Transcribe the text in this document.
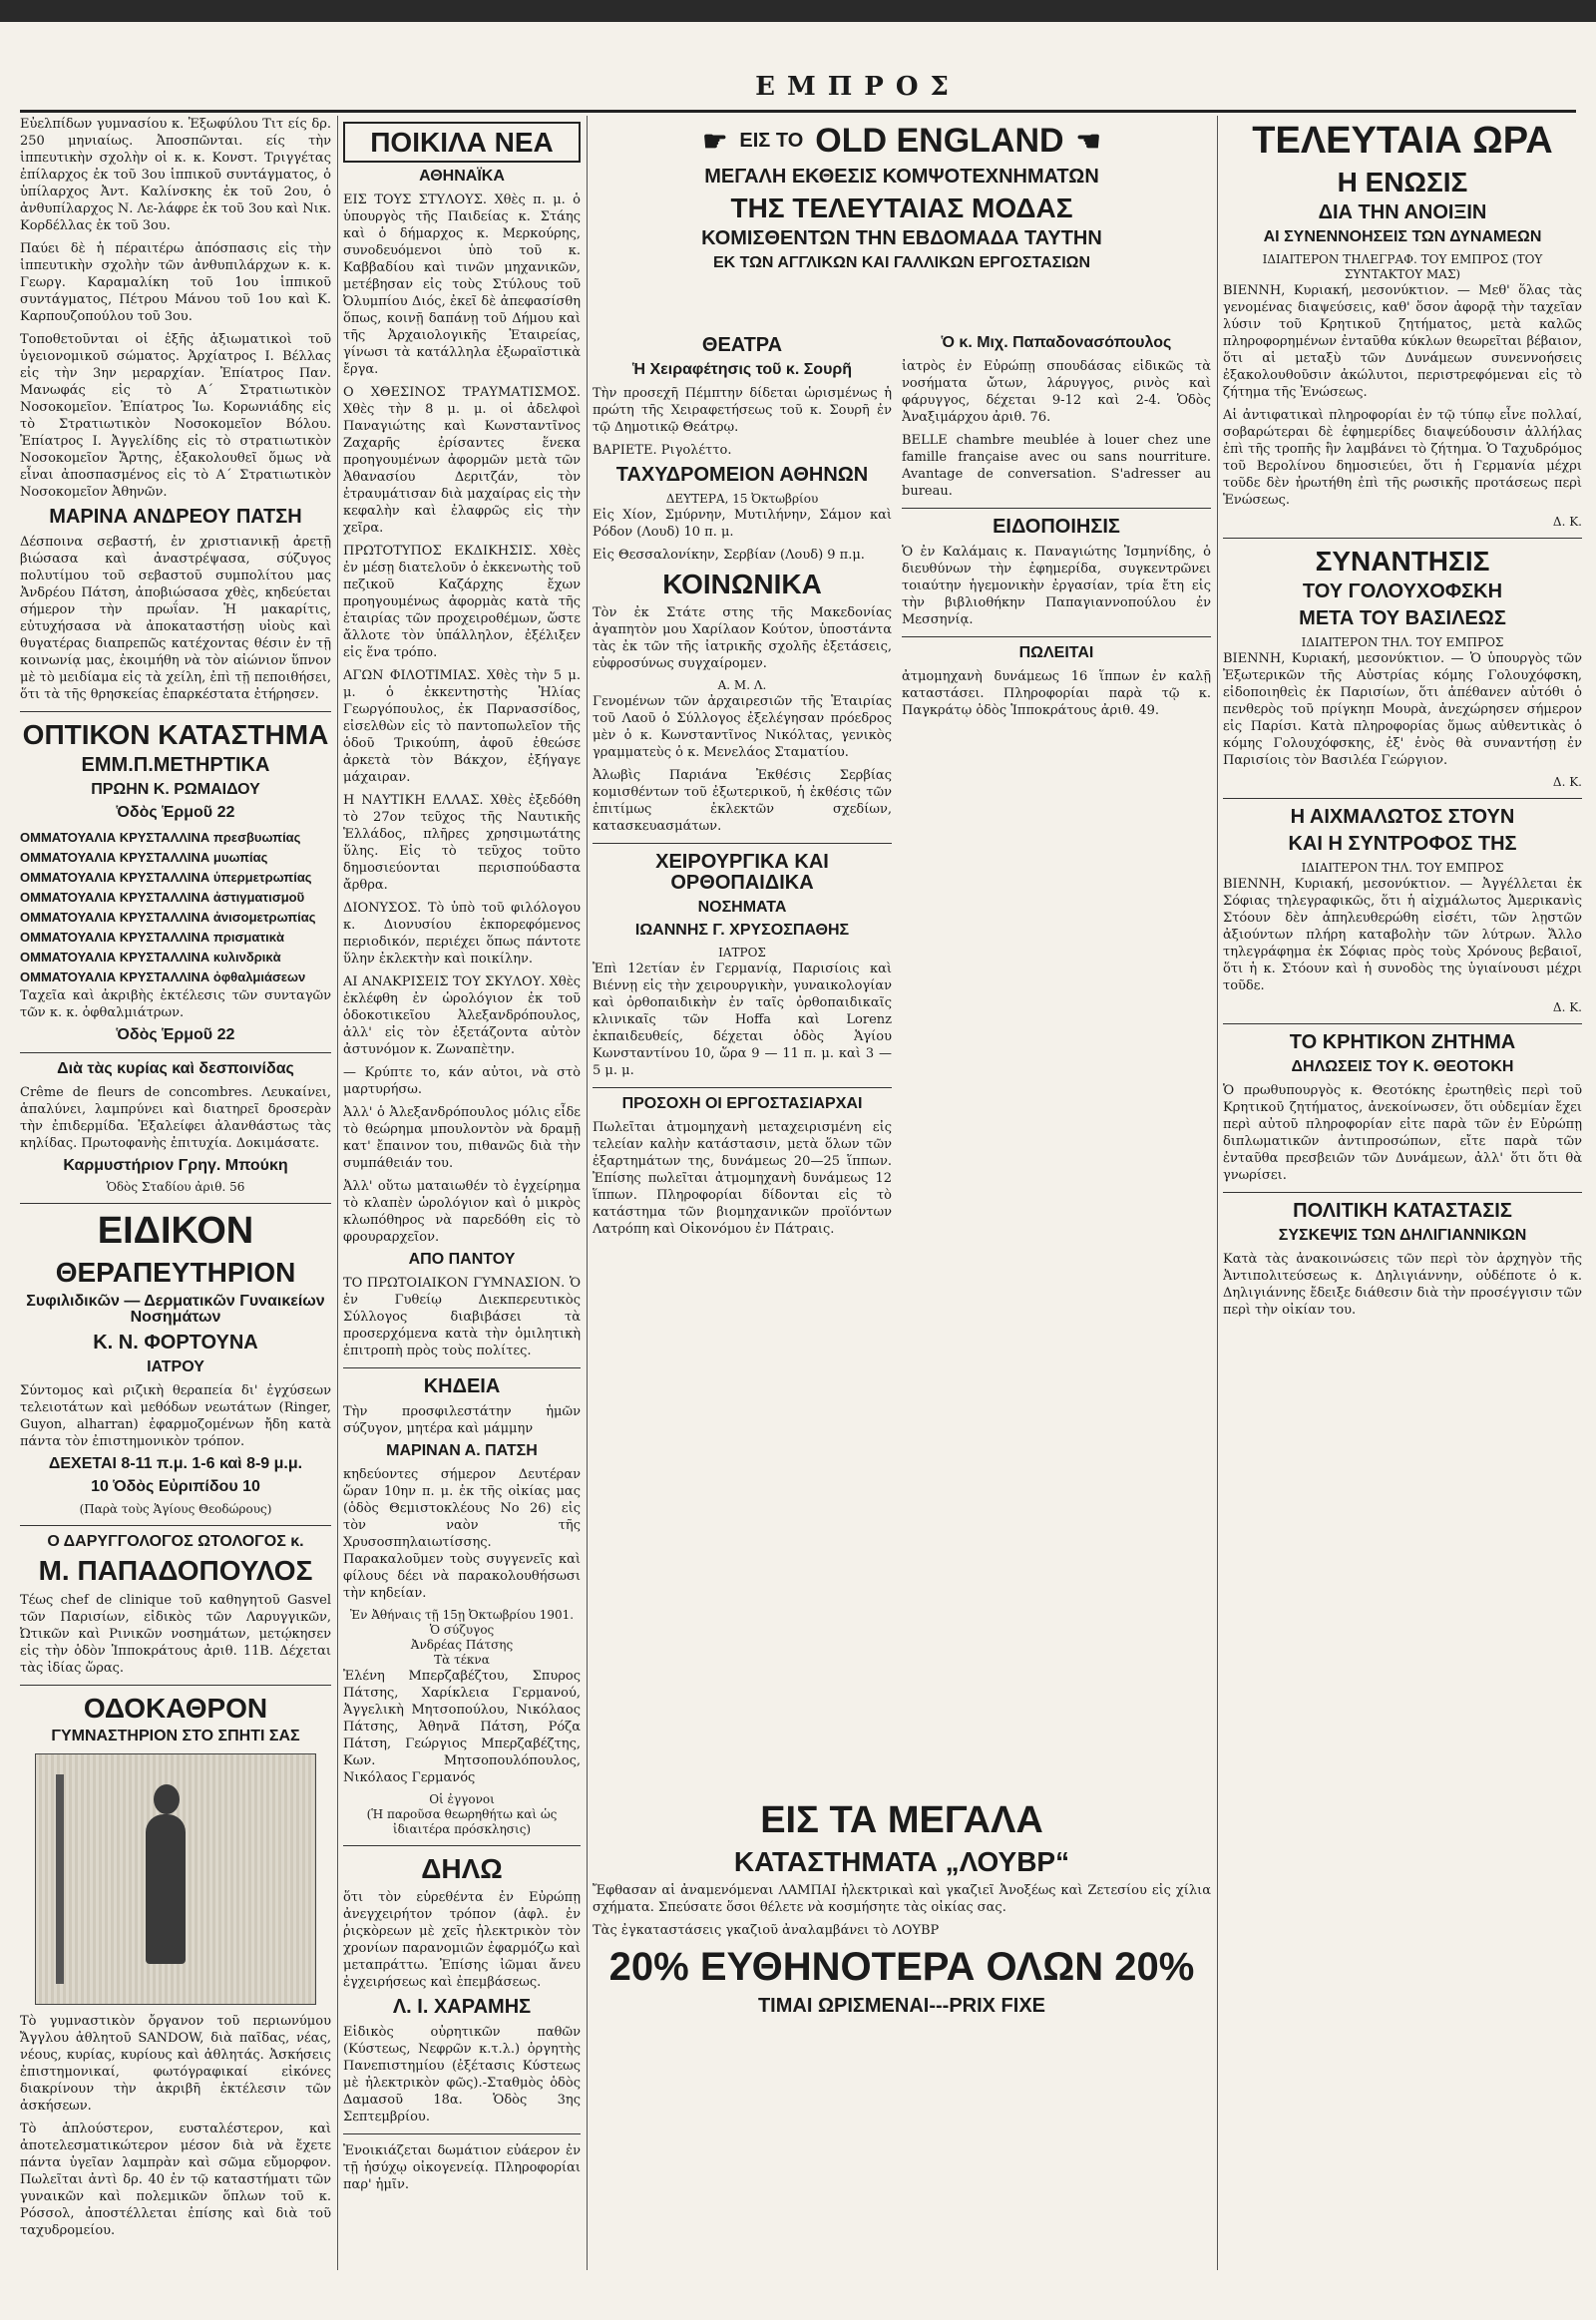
ΕΜΠΡΟΣ

Εὐελπίδων γυμνασίου κ. Ἐξωφύλου Τιτ είς δρ. 250 μηνιαίως. Ἀποσπῶνται. είς τὴν ἱππευτικὴν σχολὴν οἱ κ. κ. Κονστ. Τριγγέτας ἐπίλαρχος ἐκ τοῦ 3ου ἱππικοῦ συντάγματος, ὁ ὑπίλαρχος Ἀντ. Καλίνσκης ἐκ τοῦ 2ου, ὁ ἀνθυπίλαρχος Ν. Λε-λάφρε ἐκ τοῦ 3ου καὶ Νικ. Κορδέλλας ἐκ τοῦ 3ου.

Παύει δὲ ἡ πέραιτέρω ἀπόσπασις εἰς τὴν ἱππευτικὴν σχολὴν τῶν ἀνθυπιλάρχων κ. κ. Γεωργ. Καραμαλίκη τοῦ 1ου ἱππικοῦ συντάγματος, Πέτρου Μάνου τοῦ 1ου καὶ Κ. Καρπουζοπούλου τοῦ 3ου.

Τοποθετοῦνται οἱ ἑξῆς ἀξιωματικοὶ τοῦ ὑγειονομικοῦ σώματος. Ἀρχίατρος Ι. Βέλλας εἰς τὴν 3ην μεραρχίαν. Ἐπίατρος Παν. Μανωφάς εἰς τὸ Α΄ Στρατιωτικὸν Νοσοκομεῖον. Ἐπίατρος Ἰω. Κορωνιάδης εἰς τὸ Στρατιωτικὸν Νοσοκομεῖον Βόλου. Ἐπίατρος Ι. Ἀγγελίδης εἰς τὸ στρατιωτικὸν Νοσοκομεῖον Ἄρτης, ἐξακολουθεῖ ὅμως νὰ εἶναι ἀποσπασμένος εἰς τὸ Α΄ Στρατιωτικὸν Νοσοκομεῖον Ἀθηνῶν.

ΜΑΡΙΝΑ ΑΝΔΡΕΟΥ ΠΑΤΣΗ

Δέσποινα σεβαστή, ἐν χριστιανικῇ ἀρετῇ βιώσασα καὶ ἀναστρέψασα, σύζυγος πολυτίμου τοῦ σεβαστοῦ συμπολίτου μας Ἀνδρέου Πάτση, ἀποβιώσασα χθὲς, κηδεύεται σήμερον τὴν πρωΐαν. Ἡ μακαρίτις, εὐτυχήσασα νὰ ἀποκαταστήσῃ υἱοὺς καὶ θυγατέρας διαπρεπῶς κατέχοντας θέσιν ἐν τῇ κοινωνίᾳ μας, ἐκοιμήθη νὰ τὸν αἰώνιον ὕπνον μὲ τὸ μειδίαμα εἰς τὰ χείλη, ἐπὶ τῇ πεποιθήσει, ὅτι τὰ τῆς θρησκείας ἐπαρκέστατα ἐτήρησεν.

ΟΠΤΙΚΟΝ ΚΑΤΑΣΤΗΜΑ
ΕΜΜ.Π.ΜΕΤΗΡΤΙΚΑ
ΠΡΩΗΝ Κ. ΡΩΜΑΙΔΟΥ
Ὁδὸς Ἑρμοῦ 22
ΟΜΜΑΤΟΥΑΛΙΑ ΚΡΥΣΤΑΛΛΙΝΑ πρεσβυωπίας
ΟΜΜΑΤΟΥΑΛΙΑ ΚΡΥΣΤΑΛΛΙΝΑ μυωπίας
ΟΜΜΑΤΟΥΑΛΙΑ ΚΡΥΣΤΑΛΛΙΝΑ ὑπερμετρωπίας
ΟΜΜΑΤΟΥΑΛΙΑ ΚΡΥΣΤΑΛΛΙΝΑ ἀστιγματισμοῦ
ΟΜΜΑΤΟΥΑΛΙΑ ΚΡΥΣΤΑΛΛΙΝΑ ἀνισομετρωπίας
ΟΜΜΑΤΟΥΑΛΙΑ ΚΡΥΣΤΑΛΛΙΝΑ πρισματικὰ
ΟΜΜΑΤΟΥΑΛΙΑ ΚΡΥΣΤΑΛΛΙΝΑ κυλινδρικὰ
ΟΜΜΑΤΟΥΑΛΙΑ ΚΡΥΣΤΑΛΛΙΝΑ ὀφθαλμιάσεων

Ταχεῖα καὶ ἀκριβὴς ἐκτέλεσις τῶν συνταγῶν τῶν κ. κ. ὀφθαλμιάτρων.

Ὁδὸς Ἑρμοῦ 22
Διὰ τὰς κυρίας καὶ δεσποινίδας

Crême de fleurs de concombres. Λευκαίνει, ἁπαλύνει, λαμπρύνει καὶ διατηρεῖ δροσερὰν τὴν ἐπιδερμίδα. Ἐξαλείφει ἀλανθάστως τὰς κηλίδας. Πρωτοφανὴς ἐπιτυχία. Δοκιμάσατε.

Καρμυστήριον Γρηγ. Μπούκη
Ὁδὸς Σταδίου ἀριθ. 56
ΕΙΔΙΚΟΝ
ΘΕΡΑΠΕΥΤΗΡΙΟΝ
Συφιλιδικῶν — Δερματικῶν Γυναικείων Νοσημάτων
Κ. Ν. ΦΟΡΤΟΥΝΑ
ΙΑΤΡΟΥ

Σύντομος καὶ ριζικὴ θεραπεία δι' ἐγχύσεων τελειοτάτων καὶ μεθόδων νεωτάτων (Ringer, Guyon, alharran) ἐφαρμοζομένων ἤδη κατὰ πάντα τὸν ἐπιστημονικὸν τρόπον.

ΔΕΧΕΤΑΙ 8-11 π.μ. 1-6 καὶ 8-9 μ.μ.
10 Ὁδὸς Εὐριπίδου 10
(Παρὰ τοὺς Ἁγίους Θεοδώρους)
Ο ΔΑΡΥΓΓΟΛΟΓΟΣ ΩΤΟΛΟΓΟΣ κ.
Μ. ΠΑΠΑΔΟΠΟΥΛΟΣ

Τέως chef de clinique τοῦ καθηγητοῦ Gasvel τῶν Παρισίων, εἰδικὸς τῶν Λαρυγγικῶν, Ὠτικῶν καὶ Ρινικῶν νοσημάτων, μετῴκησεν εἰς τὴν ὁδὸν Ἱπποκράτους ἀριθ. 11Β. Δέχεται τὰς ἰδίας ὥρας.

ΟΔΟΚΑΘΡΟΝ
ΓΥΜΝΑΣΤΗΡΙΟΝ ΣΤΟ ΣΠΗΤΙ ΣΑΣ

Τὸ γυμναστικὸν ὄργανον τοῦ περιωνύμου Ἄγγλου ἀθλητοῦ SANDOW, διὰ παῖδας, νέας, νέους, κυρίας, κυρίους καὶ ἀθλητάς. Ἀσκήσεις ἐπιστημονικαί, φωτόγραφικαί εἰκόνες διακρίνουν τὴν ἀκριβῆ ἐκτέλεσιν τῶν ἀσκήσεων.

Τὸ ἁπλούστερον, ευσταλέστερον, καὶ ἀποτελεσματικώτερον μέσον διὰ νὰ ἔχετε πάντα ὑγεῖαν λαμπρὰν καὶ σῶμα εὔμορφον. Πωλεῖται ἀντὶ δρ. 40 ἐν τῷ καταστήματι τῶν γυναικῶν καὶ πολεμικῶν ὅπλων τοῦ κ. Ρόσσολ, ἀποστέλλεται ἐπίσης καὶ διὰ τοῦ ταχυδρομείου.

ΠΟΙΚΙΛΑ ΝΕΑ
ΑΘΗΝΑΪΚΑ

ΕΙΣ ΤΟΥΣ ΣΤΥΛΟΥΣ. Χθὲς π. μ. ὁ ὑπουργὸς τῆς Παιδείας κ. Στάης καὶ ὁ δήμαρχος κ. Μερκούρης, συνοδευόμενοι ὑπὸ τοῦ κ. Καββαδίου καὶ τινῶν μηχανικῶν, μετέβησαν εἰς τοὺς Στύλους τοῦ Ὀλυμπίου Διός, ἐκεῖ δὲ ἀπεφασίσθη ὅπως, κοινῇ δαπάνῃ τοῦ Δήμου καὶ τῆς Ἀρχαιολογικῆς Ἑταιρείας, γίνωσι τὰ κατάλληλα ἐξωραϊστικὰ ἔργα.

Ο ΧΘΕΣΙΝΟΣ ΤΡΑΥΜΑΤΙΣΜΟΣ. Χθὲς τὴν 8 μ. μ. οἱ ἀδελφοὶ Παναγιώτης καὶ Κωνσταντῖνος Ζαχαρῆς ἐρίσαντες ἕνεκα προηγουμένων ἀφορμῶν μετὰ τῶν Ἀθανασίου Δεριτζάν, τὸν ἐτραυμάτισαν διὰ μαχαίρας εἰς τὴν κεφαλὴν καὶ ἐλαφρῶς εἰς τὴν χεῖρα.

ΠΡΩΤΟΤΥΠΟΣ ΕΚΔΙΚΗΣΙΣ. Χθὲς ἐν μέσῃ διατελοῦν ὁ ἐκκενωτὴς τοῦ πεζικοῦ Καζάρχης ἔχων προηγουμένως ἀφορμὰς κατὰ τῆς ἑταιρίας τῶν προχειροθέμων, ὥστε ἄλλοτε τὸν ὑπάλληλον, ἐξέλιξεν εἰς ἕνα τρόπο.

ΑΓΩΝ ΦΙΛΟΤΙΜΙΑΣ. Χθὲς τὴν 5 μ. μ. ὁ ἐκκεντηστὴς Ἠλίας Γεωργόπουλος, ἐκ Παρνασσίδος, εἰσελθὼν εἰς τὸ παντοπωλεῖον τῆς ὁδοῦ Τρικούπη, ἀφοῦ ἐθεώσε ἀρκετὰ τὸν Βάκχον, ἐξήγαγε μάχαιραν.

Η ΝΑΥΤΙΚΗ ΕΛΛΑΣ. Χθὲς ἐξεδόθη τὸ 27ον τεῦχος τῆς Ναυτικῆς Ἑλλάδος, πλῆρες χρησιμωτάτης ὕλης. Εἰς τὸ τεῦχος τοῦτο δημοσιεύονται περισπούδαστα ἄρθρα.

ΔΙΟΝΥΣΟΣ. Τὸ ὑπὸ τοῦ φιλόλογου κ. Διονυσίου ἐκπορεφόμενος περιοδικόν, περιέχει ὅπως πάντοτε ὕλην ἐκλεκτὴν καὶ ποικίλην.

ΑΙ ΑΝΑΚΡΙΣΕΙΣ ΤΟΥ ΣΚΥΛΟΥ. Χθὲς ἐκλέφθη ἐν ὡρολόγιον ἐκ τοῦ ὁδοκοτικεῖου Ἀλεξανδρόπουλος, ἀλλ' εἰς τὸν ἐξετάζοντα αὐτὸν ἀστυνόμον κ. Ζωναπὲτην.

— Κρύπτε το, κάν αὐτοι, νὰ στὸ μαρτυρήσω.

Ἀλλ' ὁ Ἀλεξανδρόπουλος μόλις εἶδε τὸ θεώρημα μπουλοντὸν νὰ δραμῇ κατ' ἔπαινον του, πιθανῶς διὰ τὴν συμπάθειάν του.

Ἀλλ' οὔτω ματαιωθέν τὸ ἐγχείρημα τὸ κλαπὲν ὡρολόγιον καὶ ὁ μικρὸς κλωπόθηρος νὰ παρεδόθη εἰς τὸ φρουραρχεῖον.

ΑΠΟ ΠΑΝΤΟΥ

ΤΟ ΠΡΩΤΟΙΑΙΚΟΝ ΓΥΜΝΑΣΙΟΝ. Ὁ ἐν Γυθείῳ Διεκπερευτικὸς Σύλλογος διαβιβάσει τὰ προσερχόμενα κατὰ τὴν ὁμιλητικὴ ἐπιτροπὴ πρὸς τοὺς πολίτες.

ΚΗΔΕΙΑ

Τὴν προσφιλεστάτην ἡμῶν σύζυγον, μητέρα καὶ μάμμην

ΜΑΡΙΝΑΝ Α. ΠΑΤΣΗ

κηδεύοντες σήμερον Δευτέραν ὥραν 10ην π. μ. ἐκ τῆς οἰκίας μας (ὁδὸς Θεμιστοκλέους No 26) εἰς τὸν ναὸν τῆς Χρυσοσπηλαιωτίσσης. Παρακαλοῦμεν τοὺς συγγενεῖς καὶ φίλους δέει νὰ παρακολουθήσωσι τὴν κηδείαν.

Ἐν Ἀθήναις τῇ 15ῃ Ὀκτωβρίου 1901.
Ὁ σύζυγος
Ἀνδρέας Πάτσης
Τὰ τέκνα

Ἐλένη Μπερζαβέζτου, Σπυρος Πάτσης, Χαρίκλεια Γερμανού, Ἀγγελικὴ Μητσοπούλου, Νικόλαος Πάτσης, Ἀθηνᾶ Πάτση, Ρόζα Πάτση, Γεώργιος Μπερζαβέζτης, Κων. Μητσοπουλόπουλος, Νικόλαος Γερμανός

Οἱ ἐγγονοι
(Ἡ παροῦσα θεωρηθήτω καὶ ὡς ἰδιαιτέρα πρόσκλησις)
ΔΗΛΩ

ὅτι τὸν εὑρεθέντα ἐν Εὐρώπῃ ἀνεγχειρήτον τρόπον (ἀφλ. ἐν ῥιςκὸρεων μὲ χεῖς ἠλεκτρικὸν τὸν χρονίων παρανομιῶν ἐφαρμόζω καὶ μεταπράττω. Ἐπίσης ἰῶμαι ἄνευ ἐγχειρήσεως καὶ ἐπεμβάσεως.

Λ. Ι. ΧΑΡΑΜΗΣ

Εἰδικὸς οὐρητικῶν παθῶν (Κύστεως, Νεφρῶν κ.τ.λ.) ὀργητὴς Πανεπιστημίου (ἐξέτασις Κύστεως μὲ ἠλεκτρικὸν φῶς).-Σταθμὸς ὁδὸς Δαμασοῦ 18α. Ὁδὸς 3ης Σεπτεμβρίου.

Ἐνοικιάζεται δωμάτιον εὐάερον ἐν τῇ ἡσύχῳ οἰκογενείᾳ. Πληροφορίαι παρ' ἡμῖν.

☛ ΕΙΣ ΤΟ OLD ENGLAND ☚
ΜΕΓΑΛΗ ΕΚΘΕΣΙΣ ΚΟΜΨΟΤΕΧΝΗΜΑΤΩΝ
ΤΗΣ ΤΕΛΕΥΤΑΙΑΣ ΜΟΔΑΣ
ΚΟΜΙΣΘΕΝΤΩΝ ΤΗΝ ΕΒΔΟΜΑΔΑ ΤΑΥΤΗΝ
ΕΚ ΤΩΝ ΑΓΓΛΙΚΩΝ ΚΑΙ ΓΑΛΛΙΚΩΝ ΕΡΓΟΣΤΑΣΙΩΝ
ΘΕΑΤΡΑ
Ἡ Χειραφέτησις τοῦ κ. Σουρῆ

Τὴν προσεχῆ Πέμπτην δίδεται ὡρισμένως ἡ πρώτη τῆς Χειραφετήσεως τοῦ κ. Σουρῆ ἐν τῷ Δημοτικῷ Θεάτρῳ.

ΒΑΡΙΕΤΕ. Ριγολέττο.

ΤΑΧΥΔΡΟΜΕΙΟΝ ΑΘΗΝΩΝ
ΔΕΥΤΕΡΑ, 15 Ὀκτωβρίου

Εἰς Χίον, Σμύρνην, Μυτιλήνην, Σάμον καὶ Ρόδον (Λουδ) 10 π. μ.

Εἰς Θεσσαλονίκην, Σερβίαν (Λουδ) 9 π.μ.

ΚΟΙΝΩΝΙΚΑ

Τὸν ἐκ Στάτε στης τῆς Μακεδονίας ἀγαπητὸν μου Χαρίλαον Κούτον, ὑποστάντα τὰς ἐκ τῶν τῆς ἰατρικῆς σχολῆς ἐξετάσεις, εὐφροσύνως συγχαίρομεν.

Α. Μ. Λ.

Γενομένων τῶν ἀρχαιρεσιῶν τῆς Ἑταιρίας τοῦ Λαοῦ ὁ Σύλλογος ἐξελέγησαν πρόεδρος μὲν ὁ κ. Κωνσταντῖνος Νικόλτας, γενικὸς γραμματεὺς ὁ κ. Μενελάος Σταματίου.

Ἀλωβὶς Παριάνα Ἐκθέσις Σερβίας κομισθέντων τοῦ ἐξωτερικοῦ, ἡ ἐκθέσις τῶν ἐπιτίμως ἐκλεκτῶν σχεδίων, κατασκευασμάτων.

ΧΕΙΡΟΥΡΓΙΚΑ ΚΑΙ ΟΡΘΟΠΑΙΔΙΚΑ
ΝΟΣΗΜΑΤΑ
ΙΩΑΝΝΗΣ Γ. ΧΡΥΣΟΣΠΑΘΗΣ
ΙΑΤΡΟΣ

Ἐπὶ 12ετίαν ἐν Γερμανίᾳ, Παρισίοις καὶ Βιέννῃ εἰς τὴν χειρουργικὴν, γυναικολογίαν καὶ ὀρθοπαιδικὴν ἐν ταῖς ὀρθοπαιδικαῖς κλινικαῖς τῶν Hoffa καὶ Lorenz ἐκπαιδευθείς, δέχεται ὁδὸς Ἁγίου Κωνσταντίνου 10, ὥρα 9 — 11 π. μ. καὶ 3 — 5 μ. μ.

ΠΡΟΣΟΧΗ ΟΙ ΕΡΓΟΣΤΑΣΙΑΡΧΑΙ

Πωλεῖται ἀτμομηχανὴ μεταχειρισμένη εἰς τελείαν καλὴν κατάστασιν, μετὰ ὅλων τῶν ἐξαρτημάτων της, δυνάμεως 20—25 ἵππων. Ἐπίσης πωλεῖται ἀτμομηχανὴ δυνάμεως 12 ἵππων. Πληροφορίαι δίδονται εἰς τὸ κατάστημα τῶν βιομηχανικῶν προϊόντων Λατρόπη καὶ Οἰκονόμου ἐν Πάτραις.

Ὁ κ. Μιχ. Παπαδονασόπουλος

ἰατρὸς ἐν Εὐρώπῃ σπουδάσας εἰδικῶς τὰ νοσήματα ὤτων, λάρυγγος, ρινὸς καὶ φάρυγγος, δέχεται 9-12 καὶ 2-4. Ὁδὸς Ἀναξιμάρχου ἀριθ. 76.

BELLE chambre meublée à louer chez une famille française avec ou sans nourriture. Avantage de conversation. S'adresser au bureau.

ΕΙΔΟΠΟΙΗΣΙΣ

Ὁ ἐν Καλάμαις κ. Παναγιώτης Ἰσμηνίδης, ὁ διευθύνων τὴν ἐφημερίδα, συγκεντρῶνει τοιαύτην ἡγεμονικὴν ἐργασίαν, τρία ἔτη εἰς τὴν βιβλιοθήκην Παπαγιαννοπούλου ἐν Μεσσηνίᾳ.

ΠΩΛΕΙΤΑΙ

ἀτμομηχανὴ δυνάμεως 16 ἵππων ἐν καλῇ καταστάσει. Πληροφορίαι παρὰ τῷ κ. Παγκράτῳ ὁδὸς Ἱπποκράτους ἀριθ. 49.

ΕΙΣ ΤΑ ΜΕΓΑΛΑ
ΚΑΤΑΣΤΗΜΑΤΑ „ΛΟΥΒΡ“

Ἔφθασαν αἱ ἀναμενόμεναι ΛΑΜΠΑΙ ἠλεκτρικαὶ καὶ γκαζιεῖ Ἀνοξέως καὶ Ζετεσίου εἰς χίλια σχήματα. Σπεύσατε ὅσοι θέλετε νὰ κοσμήσητε τὰς οἰκίας σας.

Τὰς ἐγκαταστάσεις γκαζιοῦ ἀναλαμβάνει τὸ ΛΟΥΒΡ

20% ΕΥΘΗΝΟΤΕΡΑ ΟΛΩΝ 20%
ΤΙΜΑΙ ΩΡΙΣΜΕΝΑΙ---PRIX FIXE
ΤΕΛΕΥΤΑΙΑ ΩΡΑ
Η ΕΝΩΣΙΣ
ΔΙΑ ΤΗΝ ΑΝΟΙΞΙΝ
ΑΙ ΣΥΝΕΝΝΟΗΣΕΙΣ ΤΩΝ ΔΥΝΑΜΕΩΝ
ΙΔΙΑΙΤΕΡΟΝ ΤΗΛΕΓΡΑΦ. ΤΟΥ ΕΜΠΡΟΣ (ΤΟΥ ΣΥΝΤΑΚΤΟΥ ΜΑΣ)

ΒΙΕΝΝΗ, Κυριακή, μεσονύκτιον. — Μεθ' ὅλας τὰς γενομένας διαψεύσεις, καθ' ὅσον ἀφορᾷ τὴν ταχεῖαν λύσιν τοῦ Κρητικοῦ ζητήματος, μετὰ καλῶς πληροφορημένων ἐνταῦθα κύκλων θεωρεῖται βέβαιον, ὅτι αἱ μεταξὺ τῶν Δυνάμεων συνεννοήσεις ἐξακολουθοῦσιν ἀκώλυτοι, περιστρεφόμεναι εἰς τὸ ζήτημα τῆς Ἑνώσεως.

Αἱ ἀντιφατικαὶ πληροφορίαι ἐν τῷ τύπῳ εἶνε πολλαί, σοβαρώτεραι δὲ ἐφημερίδες διαψεύδουσιν ἀλλήλας ἐπὶ τῆς τροπῆς ἣν λαμβάνει τὸ ζήτημα. Ὁ Ταχυδρόμος τοῦ Βερολίνου δημοσιεύει, ὅτι ἡ Γερμανία μέχρι τοῦδε δὲν ἠρωτήθη ἐπὶ τῆς ρωσικῆς προτάσεως περὶ Ἑνώσεως.

Δ. Κ.
ΣΥΝΑΝΤΗΣΙΣ
ΤΟΥ ΓΟΛΟΥΧΟΦΣΚΗ
ΜΕΤΑ ΤΟΥ ΒΑΣΙΛΕΩΣ
ΙΔΙΑΙΤΕΡΟΝ ΤΗΛ. ΤΟΥ ΕΜΠΡΟΣ

ΒΙΕΝΝΗ, Κυριακή, μεσονύκτιον. — Ὁ ὑπουργὸς τῶν Ἐξωτερικῶν τῆς Αὐστρίας κόμης Γολουχόφσκη, εἰδοποιηθεὶς ἐκ Παρισίων, ὅτι ἀπέθανεν αὐτόθι ὁ πενθερὸς τοῦ πρίγκηπ Μουρὰ, ἀνεχώρησεν σήμερον εἰς Παρίσι. Κατὰ πληροφορίας ὅμως αὐθεντικὰς ὁ κόμης Γολουχόφσκης, ἐξ' ἐνὸς θὰ συναντήσῃ ἐν Παρισίοις τὸν Βασιλέα Γεώργιον.

Δ. Κ.
Η ΑΙΧΜΑΛΩΤΟΣ ΣΤΟΥΝ
ΚΑΙ Η ΣΥΝΤΡΟΦΟΣ ΤΗΣ
ΙΔΙΑΙΤΕΡΟΝ ΤΗΛ. ΤΟΥ ΕΜΠΡΟΣ

ΒΙΕΝΝΗ, Κυριακή, μεσονύκτιον. — Ἀγγέλλεται ἐκ Σόφιας τηλεγραφικῶς, ὅτι ἡ αἰχμάλωτος Ἀμερικανὶς Στόουν δὲν ἀπηλευθερώθη εἰσέτι, τῶν λῃστῶν ἀξιούντων πλήρη καταβολὴν τῶν λύτρων. Ἄλλο τηλεγράφημα ἐκ Σόφιας πρὸς τοὺς Χρόνους βεβαιοῖ, ὅτι ἡ κ. Στόουν καὶ ἡ συνοδὸς της ὑγιαίνουσι μέχρι τοῦδε.

Δ. Κ.
ΤΟ ΚΡΗΤΙΚΟΝ ΖΗΤΗΜΑ
ΔΗΛΩΣΕΙΣ ΤΟΥ Κ. ΘΕΟΤΟΚΗ

Ὁ πρωθυπουργὸς κ. Θεοτόκης ἐρωτηθεὶς περὶ τοῦ Κρητικοῦ ζητήματος, ἀνεκοίνωσεν, ὅτι οὐδεμίαν ἔχει περὶ αὐτοῦ πληροφορίαν εἰτε παρὰ τῶν ἐν Εὐρώπῃ διπλωματικῶν ἀντιπροσώπων, εἴτε παρὰ τῶν ἐνταῦθα πρεσβειῶν τῶν Δυνάμεων, ἀλλ' ὅτι ὅτι θὰ γνωρίσει.

ΠΟΛΙΤΙΚΗ ΚΑΤΑΣΤΑΣΙΣ
ΣΥΣΚΕΨΙΣ ΤΩΝ ΔΗΛΙΓΙΑΝΝΙΚΩΝ

Κατὰ τὰς ἀνακοινώσεις τῶν περὶ τὸν ἀρχηγὸν τῆς Ἀντιπολιτεύσεως κ. Δηλιγιάννην, οὐδέποτε ὁ κ. Δηλιγιάννης ἔδειξε διάθεσιν διὰ τὴν προσέγγισιν τῶν περὶ τὴν οἰκίαν του.
